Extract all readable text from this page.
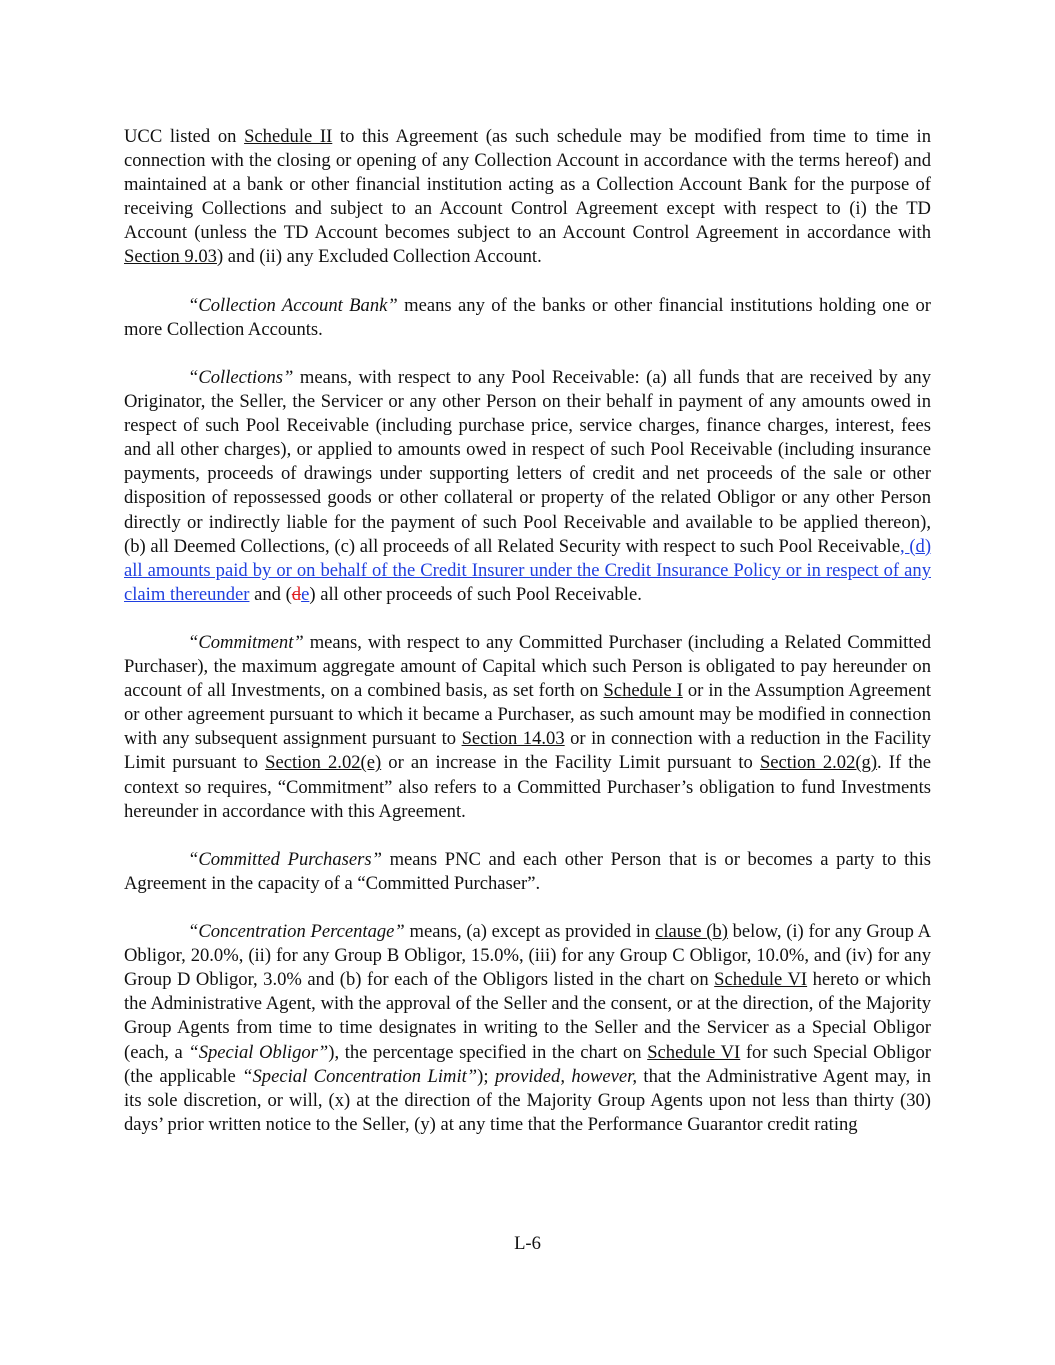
UCC listed on Schedule II to this Agreement (as such schedule may be modified from time to time in connection with the closing or opening of any Collection Account in accordance with the terms hereof) and maintained at a bank or other financial institution acting as a Collection Account Bank for the purpose of receiving Collections and subject to an Account Control Agreement except with respect to (i) the TD Account (unless the TD Account becomes subject to an Account Control Agreement in accordance with Section 9.03) and (ii) any Excluded Collection Account.

“Collection Account Bank” means any of the banks or other financial institutions holding one or more Collection Accounts.

“Collections” means, with respect to any Pool Receivable: (a) all funds that are received by any Originator, the Seller, the Servicer or any other Person on their behalf in payment of any amounts owed in respect of such Pool Receivable (including purchase price, service charges, finance charges, interest, fees and all other charges), or applied to amounts owed in respect of such Pool Receivable (including insurance payments, proceeds of drawings under supporting letters of credit and net proceeds of the sale or other disposition of repossessed goods or other collateral or property of the related Obligor or any other Person directly or indirectly liable for the payment of such Pool Receivable and available to be applied thereon), (b) all Deemed Collections, (c) all proceeds of all Related Security with respect to such Pool Receivable, (d) all amounts paid by or on behalf of the Credit Insurer under the Credit Insurance Policy or in respect of any claim thereunder and (de) all other proceeds of such Pool Receivable.

“Commitment” means, with respect to any Committed Purchaser (including a Related Committed Purchaser), the maximum aggregate amount of Capital which such Person is obligated to pay hereunder on account of all Investments, on a combined basis, as set forth on Schedule I or in the Assumption Agreement or other agreement pursuant to which it became a Purchaser, as such amount may be modified in connection with any subsequent assignment pursuant to Section 14.03 or in connection with a reduction in the Facility Limit pursuant to Section 2.02(e) or an increase in the Facility Limit pursuant to Section 2.02(g). If the context so requires, “Commitment” also refers to a Committed Purchaser’s obligation to fund Investments hereunder in accordance with this Agreement.

“Committed Purchasers” means PNC and each other Person that is or becomes a party to this Agreement in the capacity of a “Committed Purchaser”.

“Concentration Percentage” means, (a) except as provided in clause (b) below, (i) for any Group A Obligor, 20.0%, (ii) for any Group B Obligor, 15.0%, (iii) for any Group C Obligor, 10.0%, and (iv) for any Group D Obligor, 3.0% and (b) for each of the Obligors listed in the chart on Schedule VI hereto or which the Administrative Agent, with the approval of the Seller and the consent, or at the direction, of the Majority Group Agents from time to time designates in writing to the Seller and the Servicer as a Special Obligor (each, a “Special Obligor”), the percentage specified in the chart on Schedule VI for such Special Obligor (the applicable “Special Concentration Limit”); provided, however, that the Administrative Agent may, in its sole discretion, or will, (x) at the direction of the Majority Group Agents upon not less than thirty (30) days’ prior written notice to the Seller, (y) at any time that the Performance Guarantor credit rating

L-6
